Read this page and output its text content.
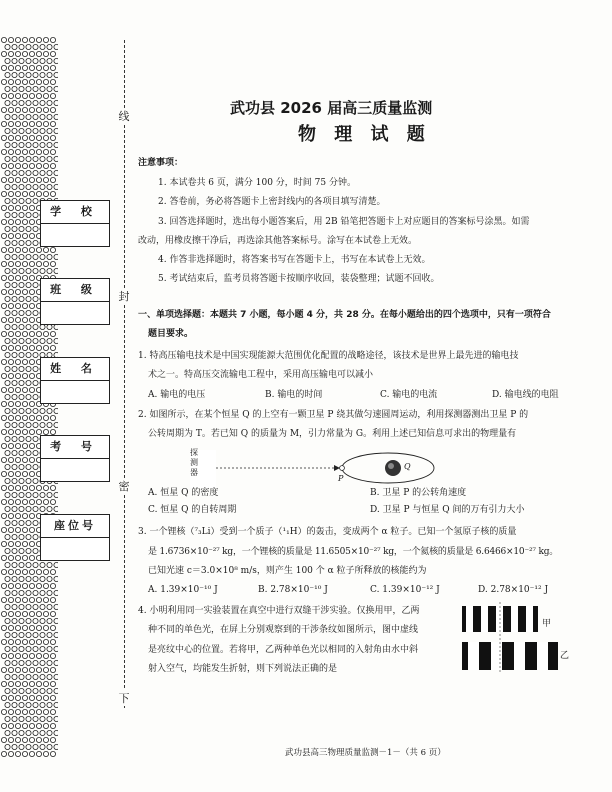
线
封
密
下
学 校
班 级
姓 名
考 号
座位号
武功县 2026 届高三质量监测
物 理 试 题
注意事项：
1. 本试卷共 6 页，满分 100 分，时间 75 分钟。
2. 答卷前，务必将答题卡上密封线内的各项目填写清楚。
3. 回答选择题时，选出每小题答案后，用 2B 铅笔把答题卡上对应题目的答案标号涂黑。如需
改动，用橡皮擦干净后，再选涂其他答案标号。涂写在本试卷上无效。
4. 作答非选择题时，将答案书写在答题卡上，书写在本试卷上无效。
5. 考试结束后，监考员将答题卡按顺序收回，装袋整理；试题不回收。
一、单项选择题：本题共 7 小题，每小题 4 分，共 28 分。在每小题给出的四个选项中，只有一项符合
题目要求。
1. 特高压输电技术是中国实现能源大范围优化配置的战略途径，该技术是世界上最先进的输电技
术之一。特高压交流输电工程中，采用高压输电可以减小
A. 输电的电压	B. 输电的时间	C. 输电的电流	D. 输电线的电阻
2. 如图所示，在某个恒星 Q 的上空有一颗卫星 P 绕其做匀速圆周运动，利用探测器测出卫星 P 的
公转周期为 T。若已知 Q 的质量为 M，引力常量为 G。利用上述已知信息可求出的物理量有
探测器
P
Q
A. 恒星 Q 的密度	B. 卫星 P 的公转角速度
C. 恒星 Q 的自转周期	D. 卫星 P 与恒星 Q 间的万有引力大小
3. 一个锂核（⁷₃Li）受到一个质子（¹₁H）的轰击，变成两个 α 粒子。已知一个氢原子核的质量
是 1.6736×10⁻²⁷ kg，一个锂核的质量是 11.6505×10⁻²⁷ kg，一个氦核的质量是 6.6466×10⁻²⁷ kg。
已知光速 c＝3.0×10⁸ m/s，则产生 100 个 α 粒子所释放的核能约为
A. 1.39×10⁻¹⁰ J	B. 2.78×10⁻¹⁰ J	C. 1.39×10⁻¹² J	D. 2.78×10⁻¹² J
4. 小明利用同一实验装置在真空中进行双缝干涉实验。仅换用甲，乙两
种不同的单色光，在屏上分别观察到的干涉条纹如图所示，图中虚线
是亮纹中心的位置。若将甲，乙两种单色光以相同的入射角由水中斜
射入空气，均能发生折射，则下列说法正确的是
甲
乙
武功县高三物理质量监测－1－（共 6 页）
